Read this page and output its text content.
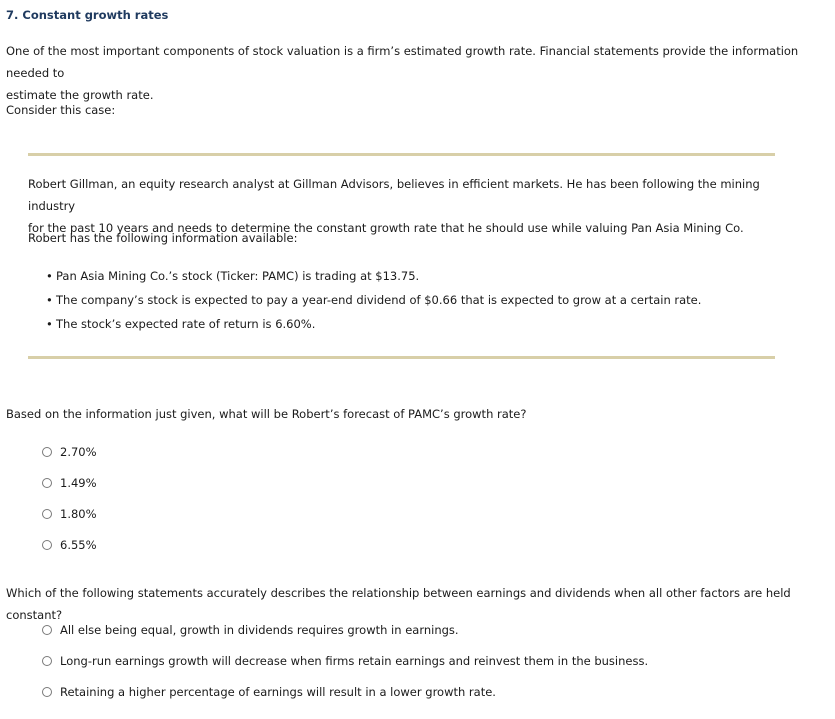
7. Constant growth rates
One of the most important components of stock valuation is a firm’s estimated growth rate. Financial statements provide the information needed to
estimate the growth rate.
Consider this case:
Robert Gillman, an equity research analyst at Gillman Advisors, believes in efficient markets. He has been following the mining industry
for the past 10 years and needs to determine the constant growth rate that he should use while valuing Pan Asia Mining Co.
Robert has the following information available:
• Pan Asia Mining Co.’s stock (Ticker: PAMC) is trading at $13.75.
• The company’s stock is expected to pay a year-end dividend of $0.66 that is expected to grow at a certain rate.
• The stock’s expected rate of return is 6.60%.
Based on the information just given, what will be Robert’s forecast of PAMC’s growth rate?
2.70%
1.49%
1.80%
6.55%
Which of the following statements accurately describes the relationship between earnings and dividends when all other factors are held constant?
All else being equal, growth in dividends requires growth in earnings.
Long-run earnings growth will decrease when firms retain earnings and reinvest them in the business.
Retaining a higher percentage of earnings will result in a lower growth rate.
